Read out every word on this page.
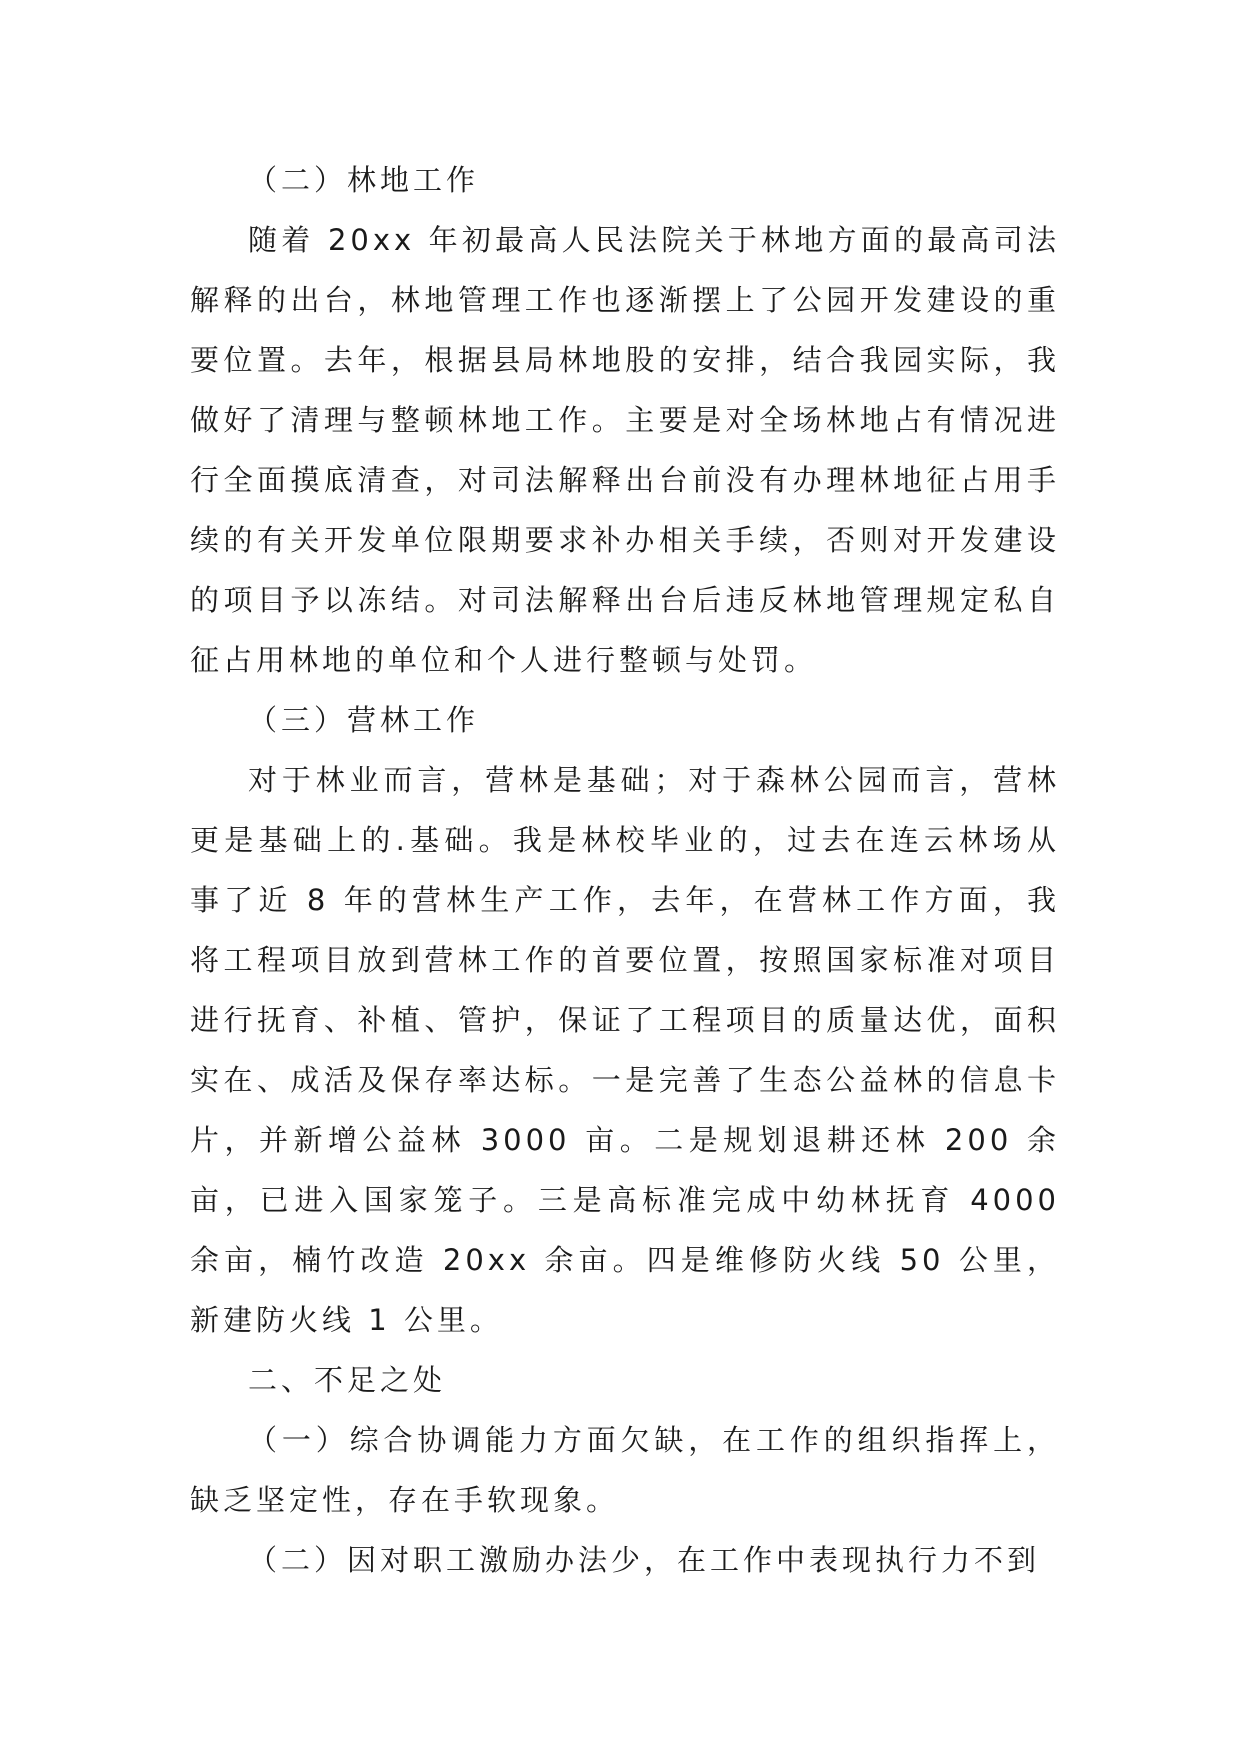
（二）林地工作

随着 20xx 年初最高人民法院关于林地方面的最高司法解释的出台，林地管理工作也逐渐摆上了公园开发建设的重要位置。去年，根据县局林地股的安排，结合我园实际，我做好了清理与整顿林地工作。主要是对全场林地占有情况进行全面摸底清查，对司法解释出台前没有办理林地征占用手续的有关开发单位限期要求补办相关手续，否则对开发建设的项目予以冻结。对司法解释出台后违反林地管理规定私自征占用林地的单位和个人进行整顿与处罚。

（三）营林工作

对于林业而言，营林是基础；对于森林公园而言，营林更是基础上的.基础。我是林校毕业的，过去在连云林场从事了近 8 年的营林生产工作，去年，在营林工作方面，我将工程项目放到营林工作的首要位置，按照国家标准对项目进行抚育、补植、管护，保证了工程项目的质量达优，面积实在、成活及保存率达标。一是完善了生态公益林的信息卡片，并新增公益林 3000 亩。二是规划退耕还林 200 余亩，已进入国家笼子。三是高标准完成中幼林抚育 4000 余亩，楠竹改造 20xx 余亩。四是维修防火线 50 公里，新建防火线 1 公里。

二、不足之处

（一）综合协调能力方面欠缺，在工作的组织指挥上，缺乏坚定性，存在手软现象。

（二）因对职工激励办法少，在工作中表现执行力不到
